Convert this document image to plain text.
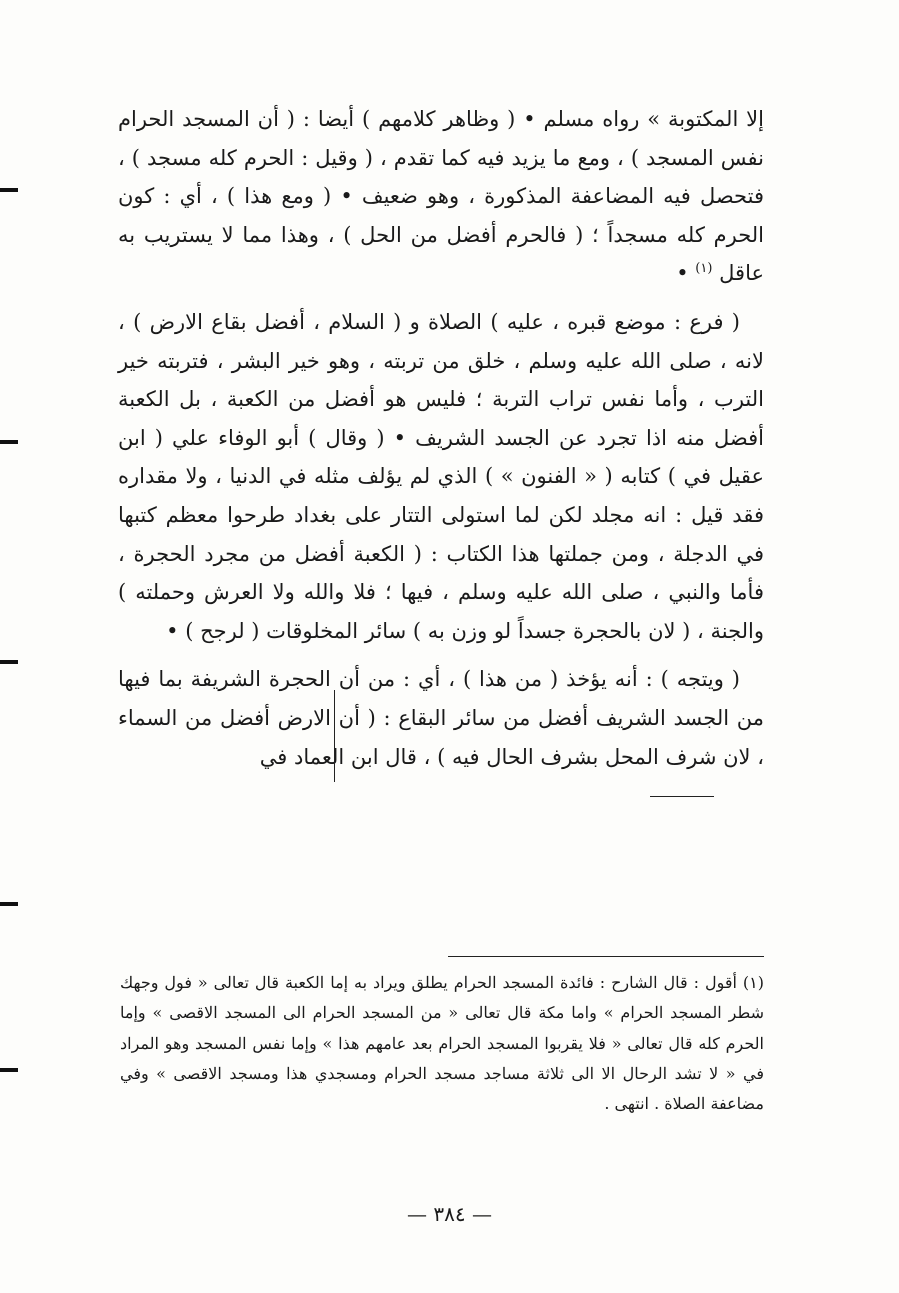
إلا المكتوبة » رواه مسلم • ( وظاهر كلامهم ) أيضا : ( أن المسجد الحرام نفس المسجد ) ، ومع ما يزيد فيه كما تقدم ، ( وقيل : الحرم كله مسجد ) ، فتحصل فيه المضاعفة المذكورة ، وهو ضعيف • ( ومع هذا ) ، أي : كون الحرم كله مسجداً ؛ ( فالحرم أفضل من الحل ) ، وهذا مما لا يستريب به عاقل $^{(١)}$ •

( فرع : موضع قبره ، عليه ) الصلاة و ( السلام ، أفضل بقاع الارض ) ، لانه ، صلى الله عليه وسلم ، خلق من تربته ، وهو خير البشر ، فتربته خير الترب ، وأما نفس تراب التربة ؛ فليس هو أفضل من الكعبة ، بل الكعبة أفضل منه اذا تجرد عن الجسد الشريف • ( وقال ) أبو الوفاء علي ( ابن عقيل في ) كتابه ( « الفنون » ) الذي لم يؤلف مثله في الدنيا ، ولا مقداره فقد قيل : انه مجلد لكن لما استولى التتار على بغداد طرحوا معظم كتبها في الدجلة ، ومن جملتها هذا الكتاب : ( الكعبة أفضل من مجرد الحجرة ، فأما والنبي ، صلى الله عليه وسلم ، فيها ؛ فلا والله ولا العرش وحملته ) والجنة ، ( لان بالحجرة جسداً لو وزن به ) سائر المخلوقات ( لرجح ) •

( ويتجه ) : أنه يؤخذ ( من هذا ) ، أي : من أن الحجرة الشريفة بما فيها من الجسد الشريف أفضل من سائر البقاع : ( أن الارض أفضل من السماء ، لان شرف المحل بشرف الحال فيه ) ، قال ابن العماد في

(١) أقول : قال الشارح : فائدة المسجد الحرام يطلق ويراد به إما الكعبة قال تعالى « فول وجهك شطر المسجد الحرام » واما مكة قال تعالى « من المسجد الحرام الى المسجد الاقصى » وإما الحرم كله قال تعالى « فلا يقربوا المسجد الحرام بعد عامهم هذا » وإما نفس المسجد وهو المراد في « لا تشد الرحال الا الى ثلاثة مساجد مسجد الحرام ومسجدي هذا ومسجد الاقصى » وفي مضاعفة الصلاة . انتهى .
— ٣٨٤ —
